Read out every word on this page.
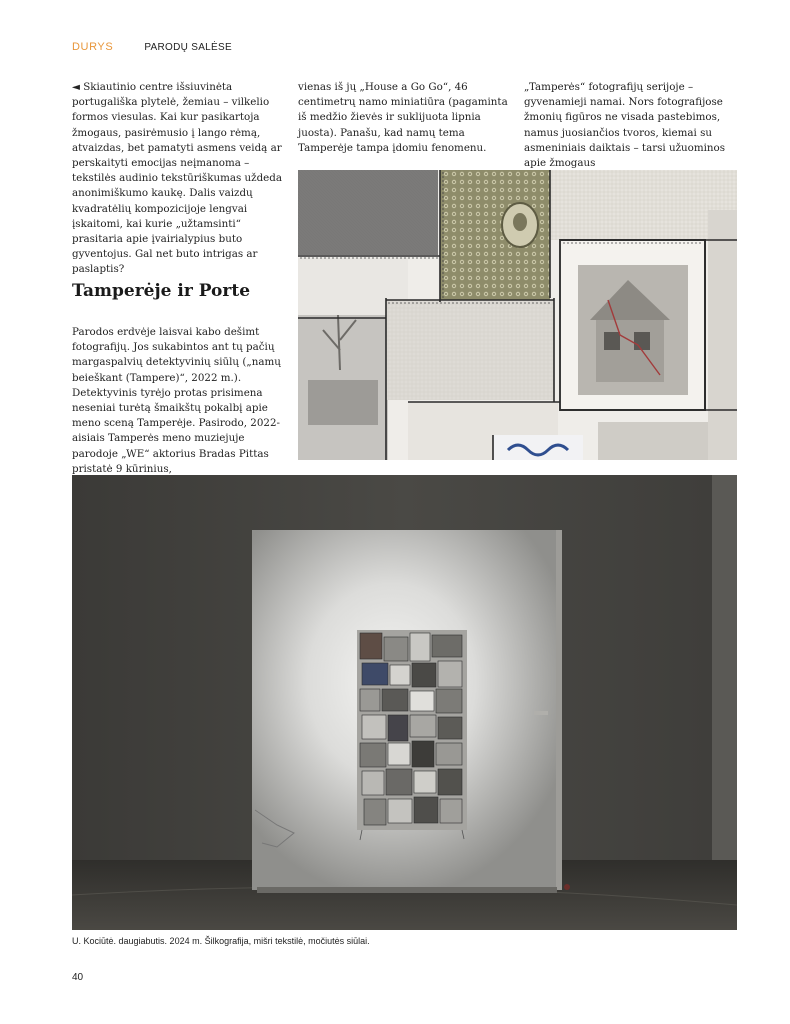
DURYS	PARODŲ SALĖSE

◄ Skiautinio centre išsiuvinėta portugališka plytelė, žemiau – vilkelio formos viesulas. Kai kur pasikartoja žmogaus, pasirėmusio į lango rėmą, atvaizdas, bet pamatyti asmens veidą ar perskaityti emocijas neįmanoma – tekstilės audinio tekstūriškumas uždeda anonimiškumo kaukę. Dalis vaizdų kvadratėlių kompozicijoje lengvai įskaitomi, kai kurie „užtamsinti“ prasitaria apie įvairialypius buto gyventojus. Gal net buto intrigas ar paslaptis?

Tamperėje ir Porte

Parodos erdvėje laisvai kabo dešimt fotografijų. Jos sukabintos ant tų pačių margaspalvių detektyvinių siūlų („namų beieškant (Tampere)“, 2022 m.). Detektyvinis tyrėjo protas prisimena neseniai turėtą šmaikštų pokalbį apie meno sceną Tamperėje. Pasirodo, 2022-aisiais Tamperės meno muziejuje parodoje „WE“ aktorius Bradas Pittas pristatė 9 kūrinius,

vienas iš jų „House a Go Go“, 46 centimetrų namo miniatiūra (pagaminta iš medžio žievės ir suklijuota lipnia juosta). Panašu, kad namų tema Tamperėje tampa įdomiu fenomenu.

„Tamperės“ fotografijų serijoje – gyvenamieji namai. Nors fotografijose žmonių figūros ne visada pastebimos, namus juosiančios tvoros, kiemai su asmeniniais daiktais – tarsi užuominos apie žmogaus

U. Kociūtė. daugiabutis. 2024 m. Šilkografija, mišri tekstilė, močiutės siūlai.
40
